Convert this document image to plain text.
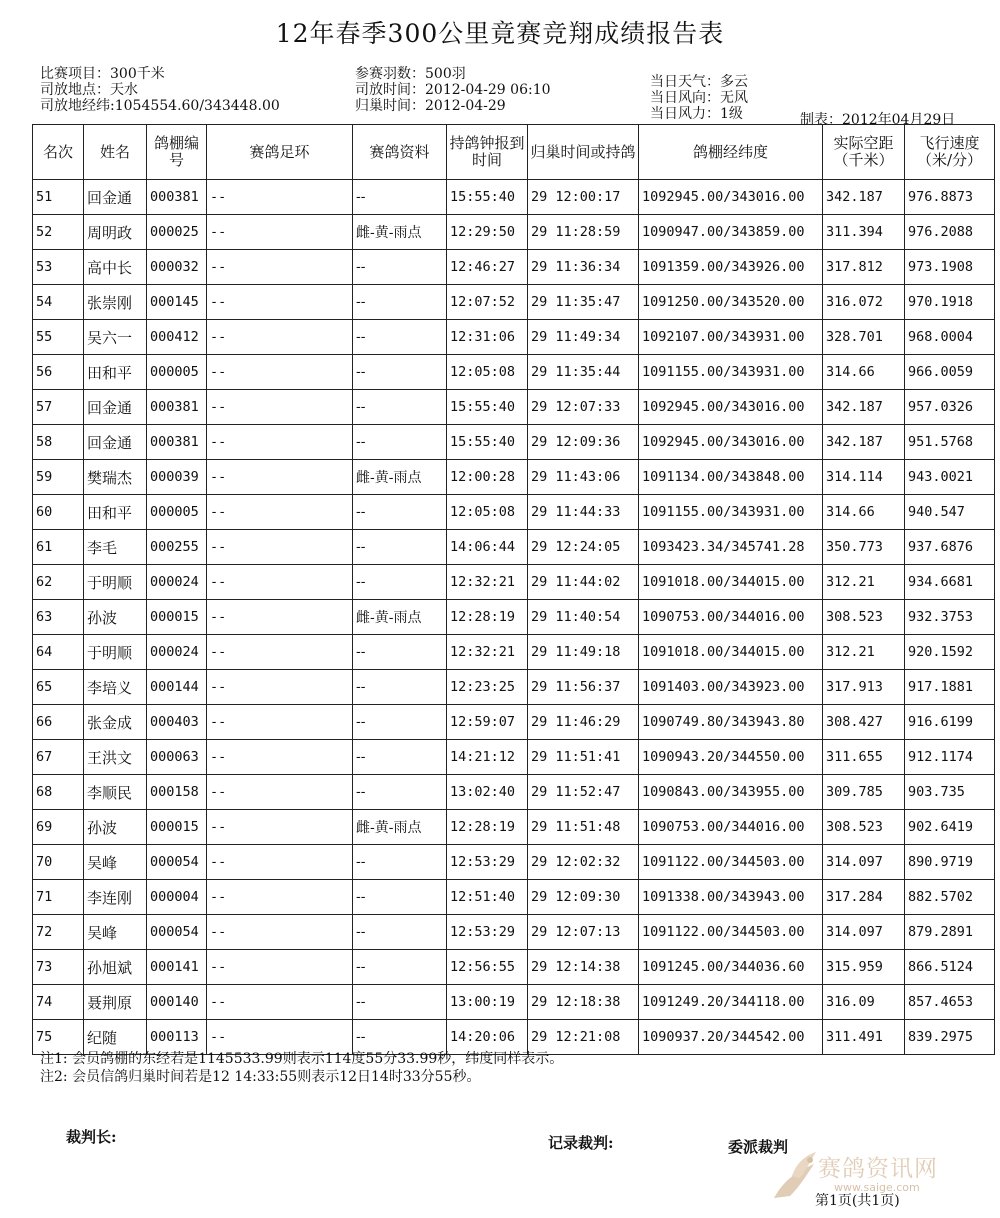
12年春季300公里竟赛竞翔成绩报告表
比赛项目：300千米
司放地点：天水
司放地经纬:1054554.60/343448.00
参赛羽数：500羽
司放时间：2012-04-29 06:10
归巢时间：2012-04-29
当日天气：多云
当日风向：无风
当日风力：1级	制表：2012年04月29日
名次	姓名	鸽棚编号	赛鸽足环	赛鸽资料	持鸽钟报到时间	归巢时间或持鸽	鸽棚经纬度	实际空距（千米）	飞行速度（米/分）
51	回金通	000381	--	--	15:55:40	29 12:00:17	1092945.00/343016.00	342.187	976.8873
52	周明政	000025	--	雌-黄-雨点	12:29:50	29 11:28:59	1090947.00/343859.00	311.394	976.2088
53	高中长	000032	--	--	12:46:27	29 11:36:34	1091359.00/343926.00	317.812	973.1908
54	张崇刚	000145	--	--	12:07:52	29 11:35:47	1091250.00/343520.00	316.072	970.1918
55	吴六一	000412	--	--	12:31:06	29 11:49:34	1092107.00/343931.00	328.701	968.0004
56	田和平	000005	--	--	12:05:08	29 11:35:44	1091155.00/343931.00	314.66	966.0059
57	回金通	000381	--	--	15:55:40	29 12:07:33	1092945.00/343016.00	342.187	957.0326
58	回金通	000381	--	--	15:55:40	29 12:09:36	1092945.00/343016.00	342.187	951.5768
59	樊瑞杰	000039	--	雌-黄-雨点	12:00:28	29 11:43:06	1091134.00/343848.00	314.114	943.0021
60	田和平	000005	--	--	12:05:08	29 11:44:33	1091155.00/343931.00	314.66	940.547
61	李毛	000255	--	--	14:06:44	29 12:24:05	1093423.34/345741.28	350.773	937.6876
62	于明顺	000024	--	--	12:32:21	29 11:44:02	1091018.00/344015.00	312.21	934.6681
63	孙波	000015	--	雌-黄-雨点	12:28:19	29 11:40:54	1090753.00/344016.00	308.523	932.3753
64	于明顺	000024	--	--	12:32:21	29 11:49:18	1091018.00/344015.00	312.21	920.1592
65	李培义	000144	--	--	12:23:25	29 11:56:37	1091403.00/343923.00	317.913	917.1881
66	张金成	000403	--	--	12:59:07	29 11:46:29	1090749.80/343943.80	308.427	916.6199
67	王洪文	000063	--	--	14:21:12	29 11:51:41	1090943.20/344550.00	311.655	912.1174
68	李顺民	000158	--	--	13:02:40	29 11:52:47	1090843.00/343955.00	309.785	903.735
69	孙波	000015	--	雌-黄-雨点	12:28:19	29 11:51:48	1090753.00/344016.00	308.523	902.6419
70	吴峰	000054	--	--	12:53:29	29 12:02:32	1091122.00/344503.00	314.097	890.9719
71	李连刚	000004	--	--	12:51:40	29 12:09:30	1091338.00/343943.00	317.284	882.5702
72	吴峰	000054	--	--	12:53:29	29 12:07:13	1091122.00/344503.00	314.097	879.2891
73	孙旭斌	000141	--	--	12:56:55	29 12:14:38	1091245.00/344036.60	315.959	866.5124
74	聂荆原	000140	--	--	13:00:19	29 12:18:38	1091249.20/344118.00	316.09	857.4653
75	纪随	000113	--	--	14:20:06	29 12:21:08	1090937.20/344542.00	311.491	839.2975
注1: 会员鸽棚的东经若是1145533.99则表示114度55分33.99秒，纬度同样表示。
注2: 会员信鸽归巢时间若是12 14:33:55则表示12日14时33分55秒。
裁判长:	记录裁判:	委派裁判
赛鸽资讯网
www.saige.com
第1页(共1页)
